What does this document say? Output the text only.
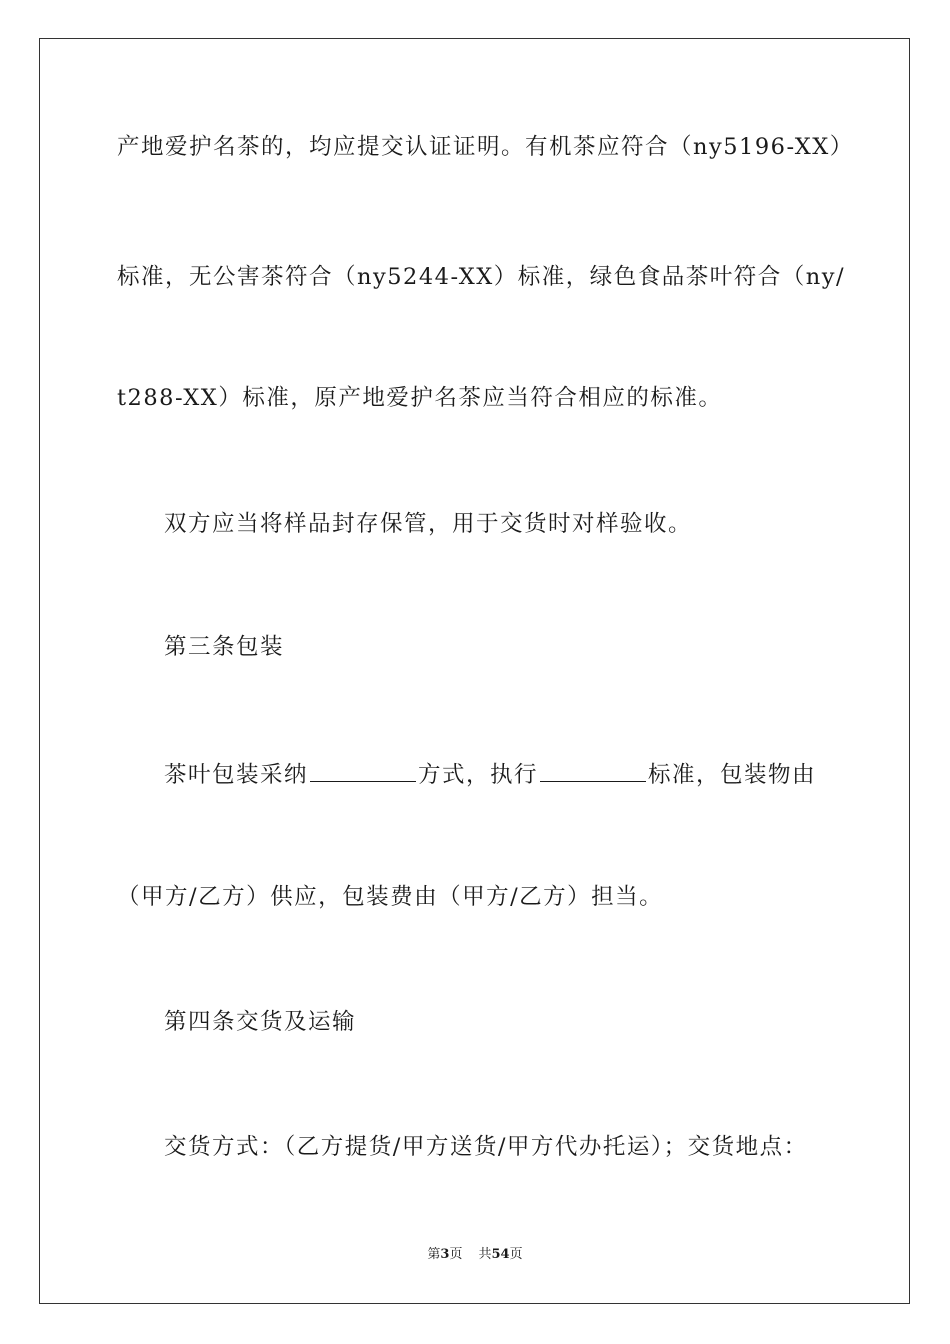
产地爱护名茶的，均应提交认证证明。有机茶应符合（ny5196-XX）
标准，无公害茶符合（ny5244-XX）标准，绿色食品茶叶符合（ny/
t288-XX）标准，原产地爱护名茶应当符合相应的标准。
双方应当将样品封存保管，用于交货时对样验收。
第三条包装
茶叶包装采纳	方式，执行	标准，包装物由
（甲方/乙方）供应，包装费由（甲方/乙方）担当。
第四条交货及运输
交货方式：（乙方提货/甲方送货/甲方代办托运）；交货地点：
第3页 共54页
